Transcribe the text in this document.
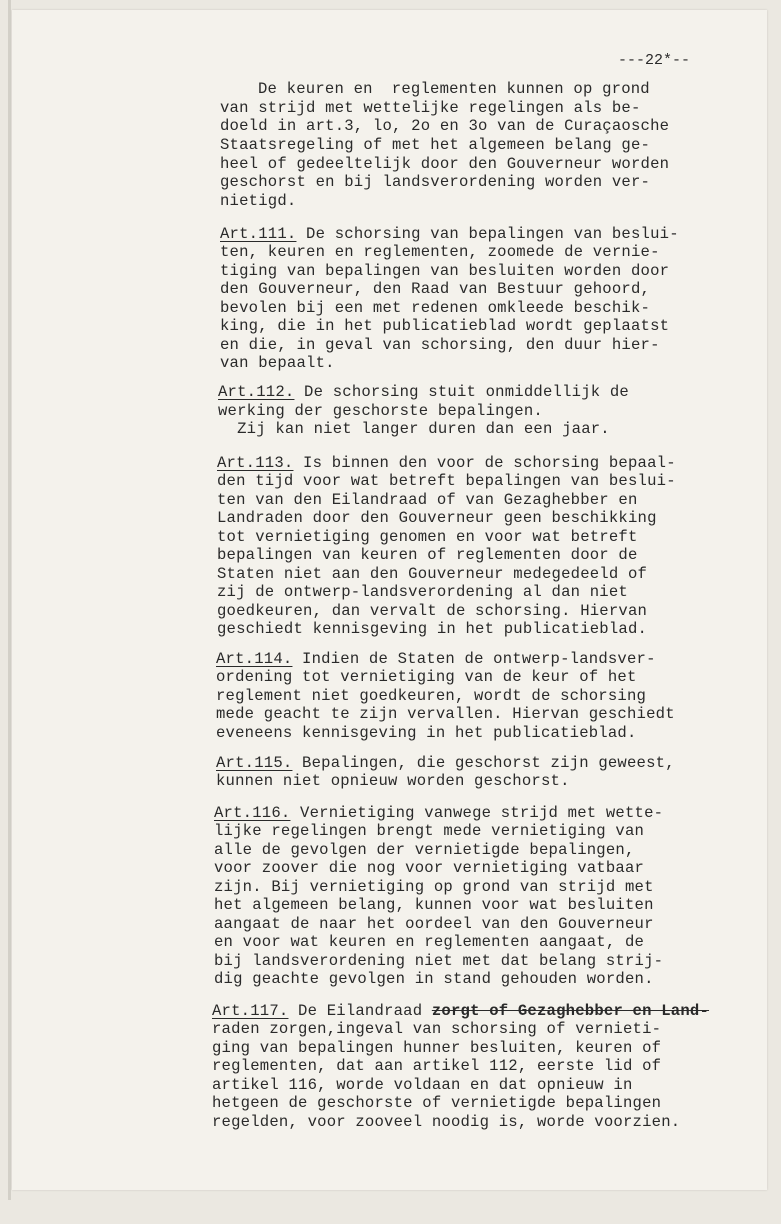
---22*--

De keuren en  reglementen kunnen op grond

van strijd met wettelijke regelingen als be-

doeld in art.3, lo, 2o en 3o van de Curaçaosche

Staatsregeling of met het algemeen belang ge-

heel of gedeeltelijk door den Gouverneur worden

geschorst en bij landsverordening worden ver-

nietigd.

Art.111. De schorsing van bepalingen van beslui-

ten, keuren en reglementen, zoomede de vernie-

tiging van bepalingen van besluiten worden door

den Gouverneur, den Raad van Bestuur gehoord,

bevolen bij een met redenen omkleede beschik-

king, die in het publicatieblad wordt geplaatst

en die, in geval van schorsing, den duur hier-

van bepaalt.

Art.112. De schorsing stuit onmiddellijk de

werking der geschorste bepalingen.

Zij kan niet langer duren dan een jaar.

Art.113. Is binnen den voor de schorsing bepaal-

den tijd voor wat betreft bepalingen van beslui-

ten van den Eilandraad of van Gezaghebber en

Landraden door den Gouverneur geen beschikking

tot vernietiging genomen en voor wat betreft

bepalingen van keuren of reglementen door de

Staten niet aan den Gouverneur medegedeeld of

zij de ontwerp-landsverordening al dan niet

goedkeuren, dan vervalt de schorsing. Hiervan

geschiedt kennisgeving in het publicatieblad.

Art.114. Indien de Staten de ontwerp-landsver-

ordening tot vernietiging van de keur of het

reglement niet goedkeuren, wordt de schorsing

mede geacht te zijn vervallen. Hiervan geschiedt

eveneens kennisgeving in het publicatieblad.

Art.115. Bepalingen, die geschorst zijn geweest,

kunnen niet opnieuw worden geschorst.

Art.116. Vernietiging vanwege strijd met wette-

lijke regelingen brengt mede vernietiging van

alle de gevolgen der vernietigde bepalingen,

voor zoover die nog voor vernietiging vatbaar

zijn. Bij vernietiging op grond van strijd met

het algemeen belang, kunnen voor wat besluiten

aangaat de naar het oordeel van den Gouverneur

en voor wat keuren en reglementen aangaat, de

bij landsverordening niet met dat belang strij-

dig geachte gevolgen in stand gehouden worden.

Art.117. De Eilandraad zorgt of Gezaghebber en Land-

raden zorgen,ingeval van schorsing of vernieti-

ging van bepalingen hunner besluiten, keuren of

reglementen, dat aan artikel 112, eerste lid of

artikel 116, worde voldaan en dat opnieuw in

hetgeen de geschorste of vernietigde bepalingen

regelden, voor zooveel noodig is, worde voorzien.
